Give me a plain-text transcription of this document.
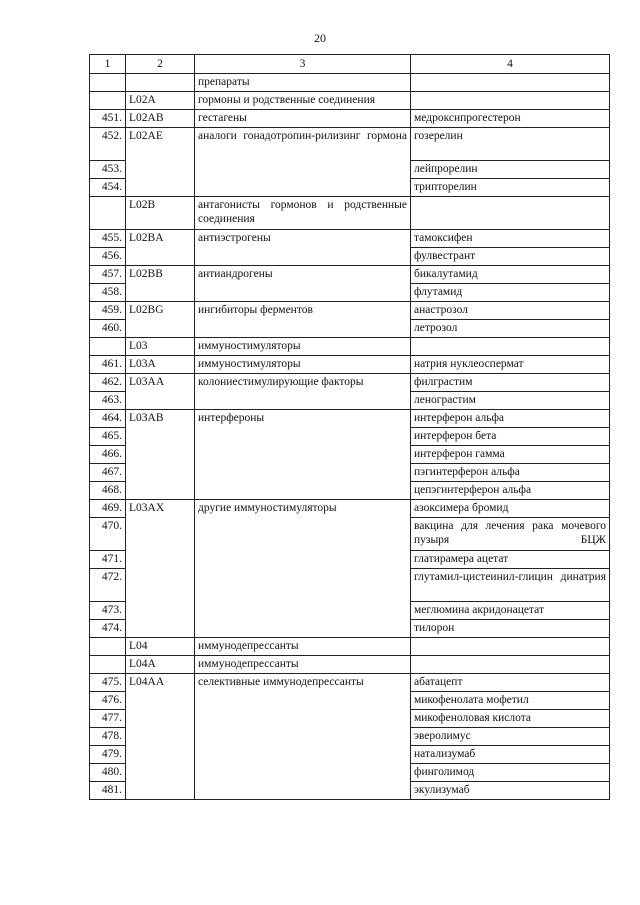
20
1	2	3	4
		препараты	
	L02A	гормоны и родственные соединения	
451.	L02AB	гестагены	медроксипрогестерон
452.	L02AE	аналоги гонадотропин-рилизинг гормона	гозерелин
453.			лейпрорелин
454.			трипторелин
	L02B	антагонисты гормонов и родственные соединения	
455.	L02BA	антиэстрогены	тамоксифен
456.			фулвестрант
457.	L02BB	антиандрогены	бикалутамид
458.			флутамид
459.	L02BG	ингибиторы ферментов	анастрозол
460.			летрозол
	L03	иммуностимуляторы	
461.	L03A	иммуностимуляторы	натрия нуклеоспермат
462.	L03AA	колониестимулирующие факторы	филграстим
463.			ленограстим
464.	L03AB	интерфероны	интерферон альфа
465.			интерферон бета
466.			интерферон гамма
467.			пэгинтерферон альфа
468.			цепэгинтерферон альфа
469.	L03AX	другие иммуностимуляторы	азоксимера бромид
470.			вакцина для лечения рака мочевого пузыря БЦЖ
471.			глатирамера ацетат
472.			глутамил-цистеинил-глицин динатрия
473.			меглюмина акридонацетат
474.			тилорон
	L04	иммунодепрессанты	
	L04A	иммунодепрессанты	
475.	L04AA	селективные иммунодепрессанты	абатацепт
476.			микофенолата мофетил
477.			микофеноловая кислота
478.			эверолимус
479.			натализумаб
480.			финголимод
481.			экулизумаб
